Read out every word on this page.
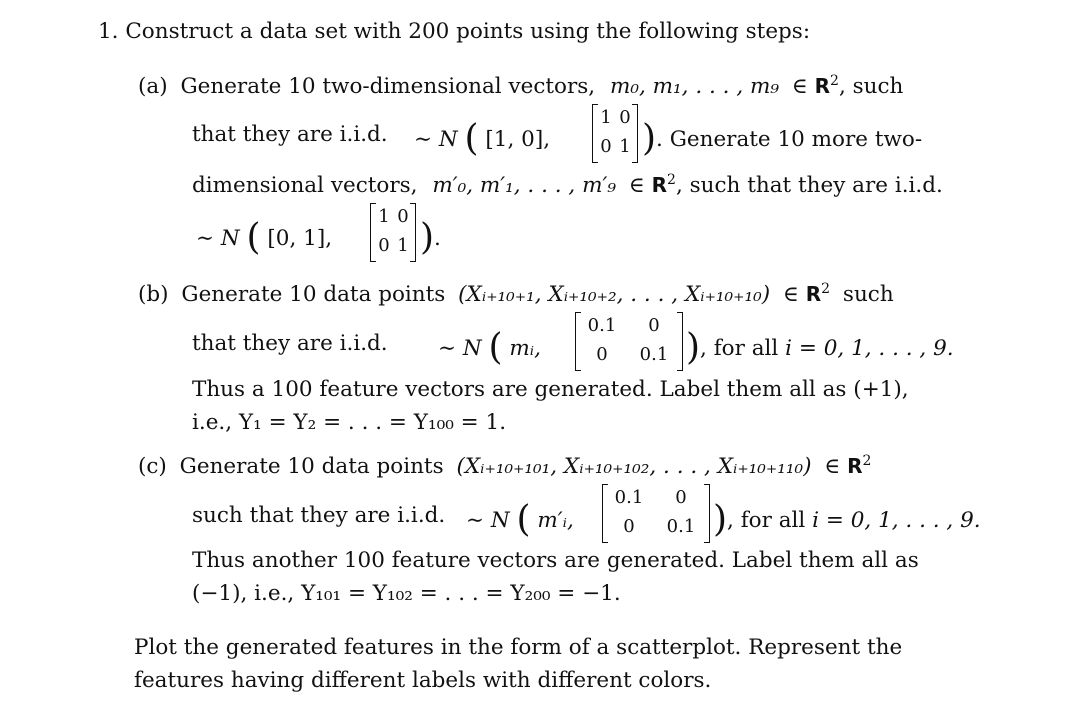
1. Construct a data set with 200 points using the following steps:
(a) Generate 10 two-dimensional vectors, m₀, m₁, . . . , m₉ ∈ $R^2$, such
that they are i.i.d. ∼ N ( [1, 0],
1 0
0 1 ). Generate 10 more two-
dimensional vectors, m′₀, m′₁, . . . , m′₉ ∈ $R^2$, such that they are i.i.d.
∼ N ( [0, 1],
1 0
0 1 ).
(b) Generate 10 data points (Xᵢ₊₁₀₊₁, Xᵢ₊₁₀₊₂, . . . , Xᵢ₊₁₀₊₁₀) ∈ $R^2$ such
that they are i.i.d. ∼ N ( mᵢ,
0.1	0
0	0.1 ), for all i = 0, 1, . . . , 9.
Thus a 100 feature vectors are generated. Label them all as (+1),
i.e., Y₁ = Y₂ = . . . = Y₁₀₀ = 1.
(c) Generate 10 data points (Xᵢ₊₁₀₊₁₀₁, Xᵢ₊₁₀₊₁₀₂, . . . , Xᵢ₊₁₀₊₁₁₀) ∈ $R^2$
such that they are i.i.d. ∼ N ( m′ᵢ,
0.1	0
0	0.1 ), for all i = 0, 1, . . . , 9.
Thus another 100 feature vectors are generated. Label them all as
(−1), i.e., Y₁₀₁ = Y₁₀₂ = . . . = Y₂₀₀ = −1.
Plot the generated features in the form of a scatterplot. Represent the
features having different labels with different colors.
